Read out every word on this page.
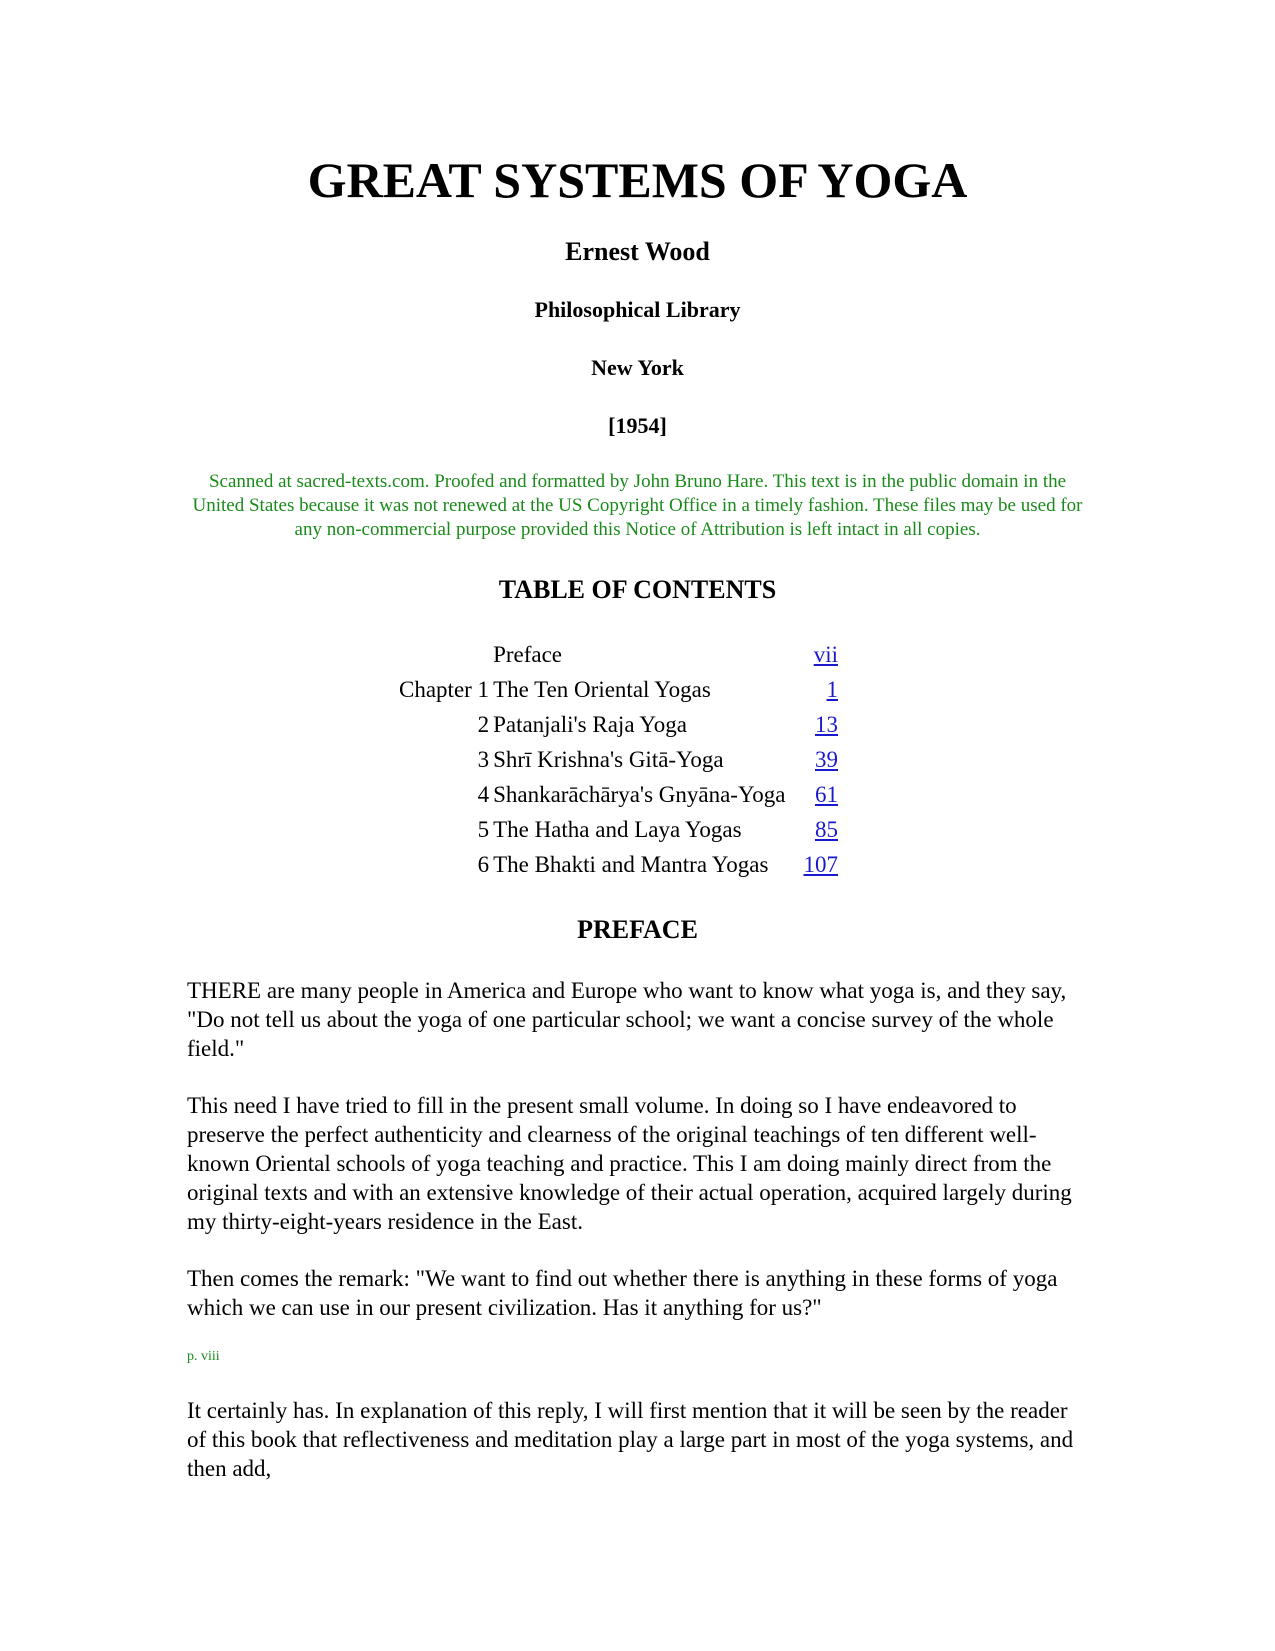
GREAT SYSTEMS OF YOGA

Ernest Wood

Philosophical Library

New York

[1954]

Scanned at sacred-texts.com. Proofed and formatted by John Bruno Hare. This text is in the public domain in the United States because it was not renewed at the US Copyright Office in a timely fashion. These files may be used for any non-commercial purpose provided this Notice of Attribution is left intact in all copies.

TABLE OF CONTENTS
	Preface	vii
Chapter 1	The Ten Oriental Yogas	1
2	Patanjali's Raja Yoga	13
3	Shrī Krishna's Gitā-Yoga	39
4	Shankarāchārya's Gnyāna-Yoga	61
5	The Hatha and Laya Yogas	85
6	The Bhakti and Mantra Yogas	107
PREFACE

THERE are many people in America and Europe who want to know what yoga is, and they say, "Do not tell us about the yoga of one particular school; we want a concise survey of the whole field."

This need I have tried to fill in the present small volume. In doing so I have endeavored to preserve the perfect authenticity and clearness of the original teachings of ten different well-known Oriental schools of yoga teaching and practice. This I am doing mainly direct from the original texts and with an extensive knowledge of their actual operation, acquired largely during my thirty-eight-years residence in the East.

Then comes the remark: "We want to find out whether there is anything in these forms of yoga which we can use in our present civilization. Has it anything for us?"

p. viii

It certainly has. In explanation of this reply, I will first mention that it will be seen by the reader of this book that reflectiveness and meditation play a large part in most of the yoga systems, and then add,
